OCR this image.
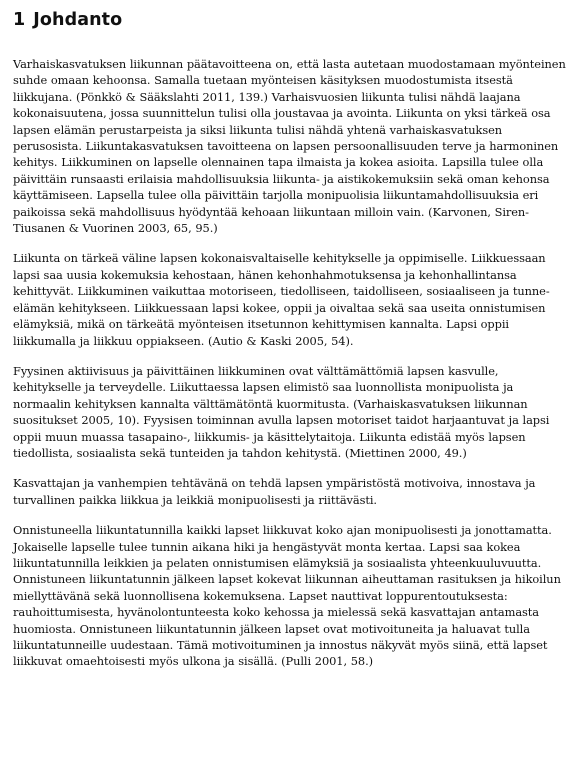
1 Johdanto

Varhaiskasvatuksen liikunnan päätavoitteena on, että lasta autetaan muodostamaan myönteinen suhde omaan kehoonsa. Samalla tuetaan myönteisen käsityksen muodostumista itsestä liikkujana. (Pönkkö & Sääkslahti 2011, 139.) Varhaisvuosien liikunta tulisi nähdä laajana kokonaisuutena, jossa suunnittelun tulisi olla joustavaa ja avointa. Liikunta on yksi tärkeä osa lapsen elämän perustarpeista ja siksi liikunta tulisi nähdä yhtenä varhaiskasvatuksen perusosista. Liikuntakasvatuksen tavoitteena on lapsen persoonallisuuden terve ja harmoninen kehitys. Liikkuminen on lapselle olennainen tapa ilmaista ja kokea asioita. Lapsilla tulee olla päivittäin runsaasti erilaisia mahdollisuuksia liikunta- ja aistikokemuksiin sekä oman kehonsa käyttämiseen. Lapsella tulee olla päivittäin tarjolla monipuolisia liikuntamahdollisuuksia eri paikoissa sekä mahdollisuus hyödyntää kehoaan liikuntaan milloin vain. (Karvonen, Siren-Tiusanen & Vuorinen 2003, 65, 95.)

Liikunta on tärkeä väline lapsen kokonaisvaltaiselle kehitykselle ja oppimiselle. Liikkuessaan lapsi saa uusia kokemuksia kehostaan, hänen kehonhahmotuksensa ja kehonhallintansa kehittyvät. Liikkuminen vaikuttaa motoriseen, tiedolliseen, taidolliseen, sosiaaliseen ja tunne-elämän kehitykseen. Liikkuessaan lapsi kokee, oppii ja oivaltaa sekä saa useita onnistumisen elämyksiä, mikä on tärkeätä myönteisen itsetunnon kehittymisen kannalta. Lapsi oppii liikkumalla ja liikkuu oppiakseen. (Autio & Kaski 2005, 54).

Fyysinen aktiivisuus ja päivittäinen liikkuminen ovat välttämättömiä lapsen kasvulle, kehitykselle ja terveydelle. Liikuttaessa lapsen elimistö saa luonnollista monipuolista ja normaalin kehityksen kannalta välttämätöntä kuormitusta. (Varhaiskasvatuksen liikunnan suositukset 2005, 10). Fyysisen toiminnan avulla lapsen motoriset taidot harjaantuvat ja lapsi oppii muun muassa tasapaino-, liikkumis- ja käsittelytaitoja. Liikunta edistää myös lapsen tiedollista, sosiaalista sekä tunteiden ja tahdon kehitystä. (Miettinen 2000, 49.)

Kasvattajan ja vanhempien tehtävänä on tehdä lapsen ympäristöstä motivoiva, innostava ja turvallinen paikka liikkua ja leikkiä monipuolisesti ja riittävästi.

Onnistuneella liikuntatunnilla kaikki lapset liikkuvat koko ajan monipuolisesti ja jonottamatta. Jokaiselle lapselle tulee tunnin aikana hiki ja hengästyvät monta kertaa. Lapsi saa kokea liikuntatunnilla leikkien ja pelaten onnistumisen elämyksiä ja sosiaalista yhteenkuuluvuutta. Onnistuneen liikuntatunnin jälkeen lapset kokevat liikunnan aiheuttaman rasituksen ja hikoilun miellyttävänä sekä luonnollisena kokemuksena. Lapset nauttivat loppurentoutuksesta: rauhoittumisesta, hyvänolontunteesta koko kehossa ja mielessä sekä kasvattajan antamasta huomiosta. Onnistuneen liikuntatunnin jälkeen lapset ovat motivoituneita ja haluavat tulla liikuntatunneille uudestaan. Tämä motivoituminen ja innostus näkyvät myös siinä, että lapset liikkuvat omaehtoisesti myös ulkona ja sisällä. (Pulli 2001, 58.)
